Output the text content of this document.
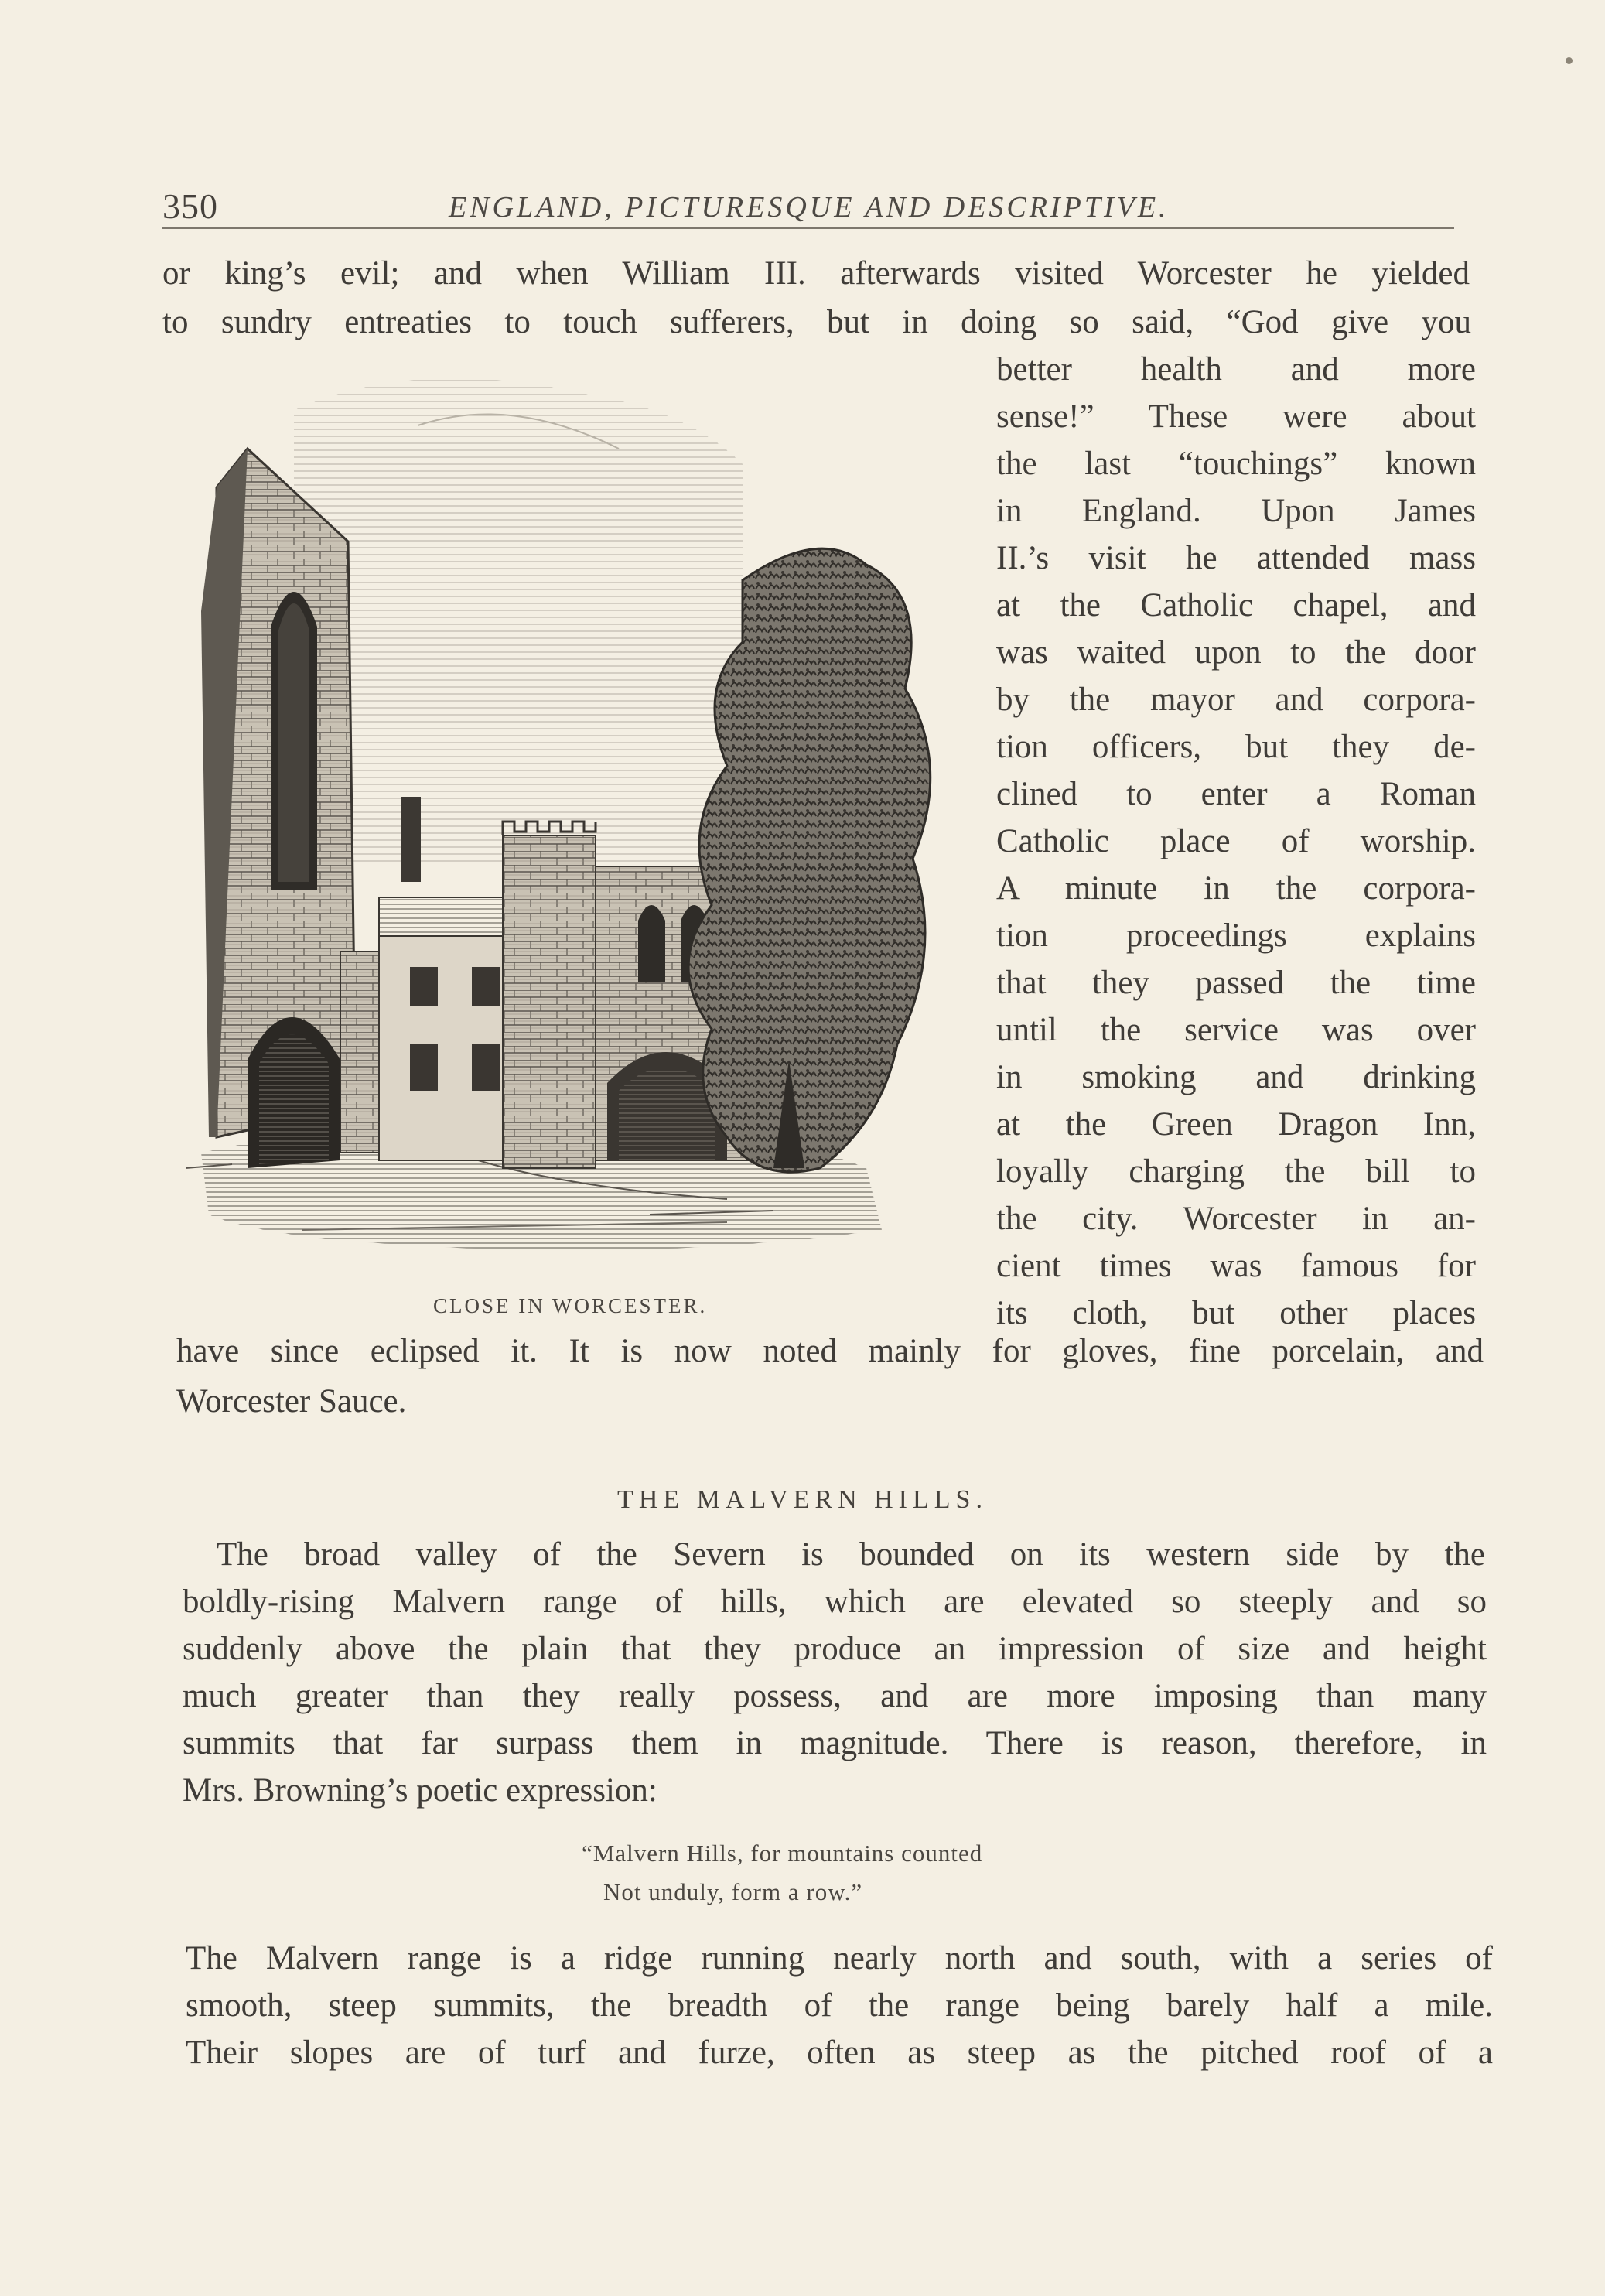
350	ENGLAND, PICTURESQUE AND DESCRIPTIVE.
or king’s evil; and when William III. afterwards visited Worcester he yielded
to sundry entreaties to touch sufferers, but in doing so said, “God give you
better health and more
sense!” These were about
the last “touchings” known
in England. Upon James
II.’s visit he attended mass
at the Catholic chapel, and
was waited upon to the door
by the mayor and corpora-
tion officers, but they de-
clined to enter a Roman
Catholic place of worship.
A minute in the corpora-
tion proceedings explains
that they passed the time
until the service was over
in smoking and drinking
at the Green Dragon Inn,
loyally charging the bill to
the city. Worcester in an-
cient times was famous for
its cloth, but other places
CLOSE IN WORCESTER.
have since eclipsed it. It is now noted mainly for gloves, fine porcelain, and
Worcester Sauce.
THE MALVERN HILLS.
The broad valley of the Severn is bounded on its western side by the
boldly-rising Malvern range of hills, which are elevated so steeply and so
suddenly above the plain that they produce an impression of size and height
much greater than they really possess, and are more imposing than many
summits that far surpass them in magnitude. There is reason, therefore, in
Mrs. Browning’s poetic expression:
“Malvern Hills, for mountains counted
Not unduly, form a row.”
The Malvern range is a ridge running nearly north and south, with a series of
smooth, steep summits, the breadth of the range being barely half a mile.
Their slopes are of turf and furze, often as steep as the pitched roof of a
